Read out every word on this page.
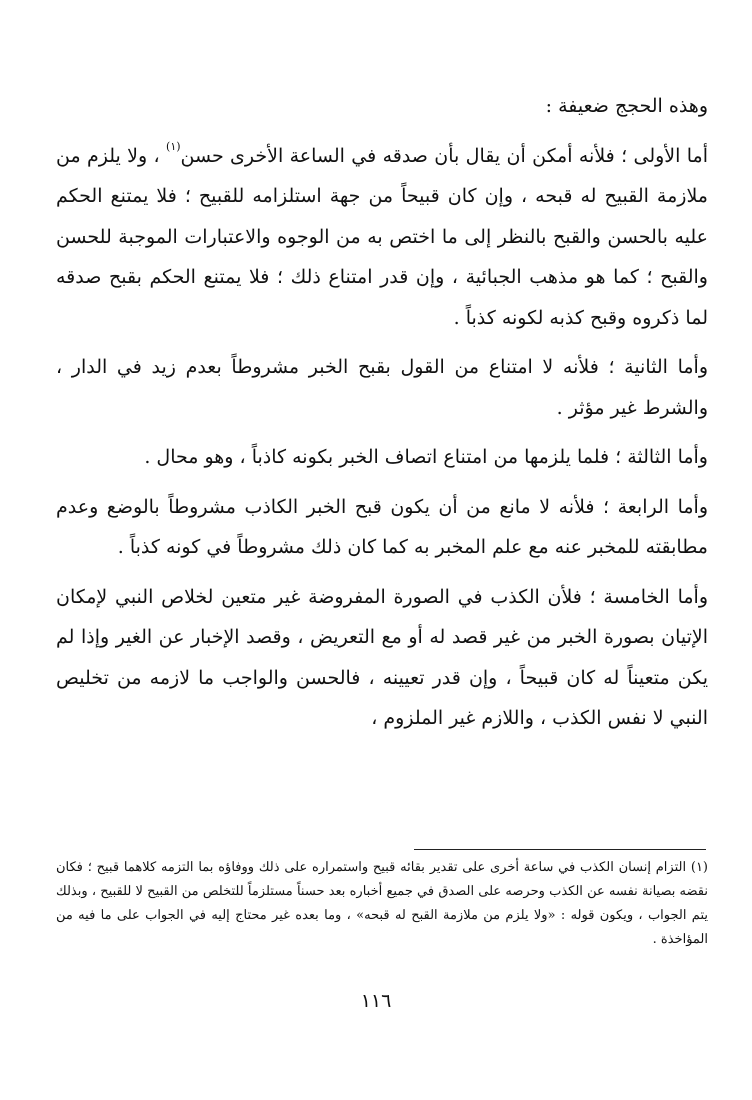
وهذه الحجج ضعيفة :

أما الأولى ؛ فلأنه أمكن أن يقال بأن صدقه في الساعة الأخرى حسن$^{(١)}$ ، ولا يلزم من ملازمة القبيح له قبحه ، وإن كان قبيحاً من جهة استلزامه للقبيح ؛ فلا يمتنع الحكم عليه بالحسن والقبح بالنظر إلى ما اختص به من الوجوه والاعتبارات الموجبة للحسن والقبح ؛ كما هو مذهب الجبائية ، وإن قدر امتناع ذلك ؛ فلا يمتنع الحكم بقبح صدقه لما ذكروه وقبح كذبه لكونه كذباً .

وأما الثانية ؛ فلأنه لا امتناع من القول بقبح الخبر مشروطاً بعدم زيد في الدار ، والشرط غير مؤثر .

وأما الثالثة ؛ فلما يلزمها من امتناع اتصاف الخبر بكونه كاذباً ، وهو محال .

وأما الرابعة ؛ فلأنه لا مانع من أن يكون قبح الخبر الكاذب مشروطاً بالوضع وعدم مطابقته للمخبر عنه مع علم المخبر به كما كان ذلك مشروطاً في كونه كذباً .

وأما الخامسة ؛ فلأن الكذب في الصورة المفروضة غير متعين لخلاص النبي لإمكان الإتيان بصورة الخبر من غير قصد له أو مع التعريض ، وقصد الإخبار عن الغير وإذا لم يكن متعيناً له كان قبيحاً ، وإن قدر تعيينه ، فالحسن والواجب ما لازمه من تخليص النبي لا نفس الكذب ، واللازم غير الملزوم ،

(١) التزام إنسان الكذب في ساعة أخرى على تقدير بقائه قبيح واستمراره على ذلك ووفاؤه بما التزمه كلاهما قبيح ؛ فكان نقضه بصيانة نفسه عن الكذب وحرصه على الصدق في جميع أخباره بعد حسناً مستلزماً للتخلص من القبيح لا للقبيح ، وبذلك يتم الجواب ، ويكون قوله : «ولا يلزم من ملازمة القبح له قبحه» ، وما بعده غير محتاج إليه في الجواب على ما فيه من المؤاخذة .

١١٦
